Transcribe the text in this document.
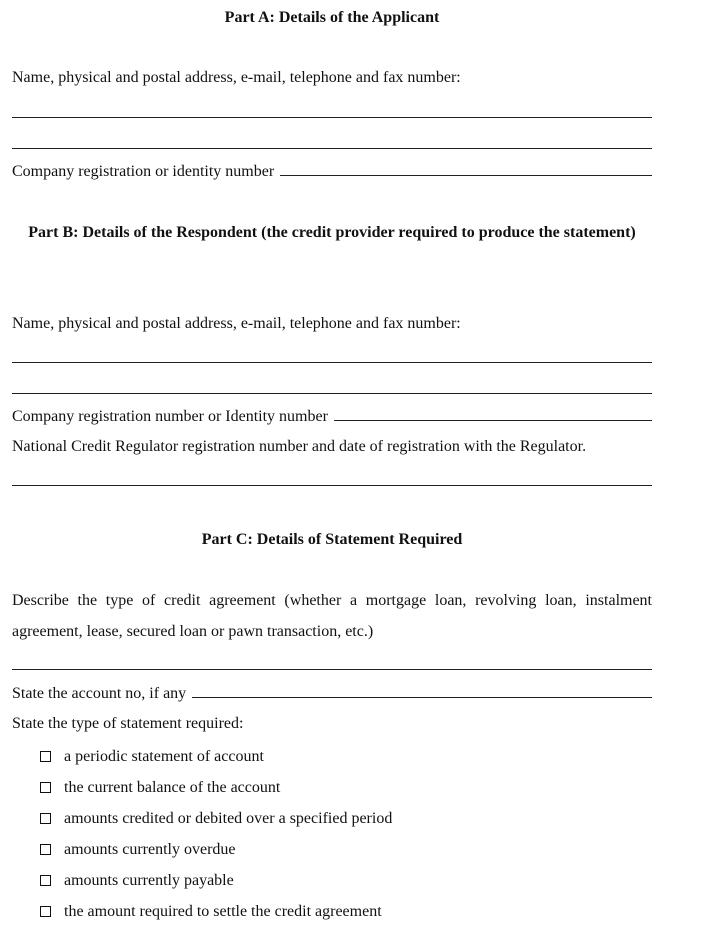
Part A: Details of the Applicant
Name, physical and postal address, e-mail, telephone and fax number:
Company registration or identity number
Part B: Details of the Respondent (the credit provider required to produce the statement)
Name, physical and postal address, e-mail, telephone and fax number:
Company registration number or Identity number
National Credit Regulator registration number and date of registration with the Regulator.
Part C: Details of Statement Required
Describe the type of credit agreement (whether a mortgage loan, revolving loan, instalment agreement, lease, secured loan or pawn transaction, etc.)
State the account no, if any
State the type of statement required:
a periodic statement of account
the current balance of the account
amounts credited or debited over a specified period
amounts currently overdue
amounts currently payable
the amount required to settle the credit agreement
